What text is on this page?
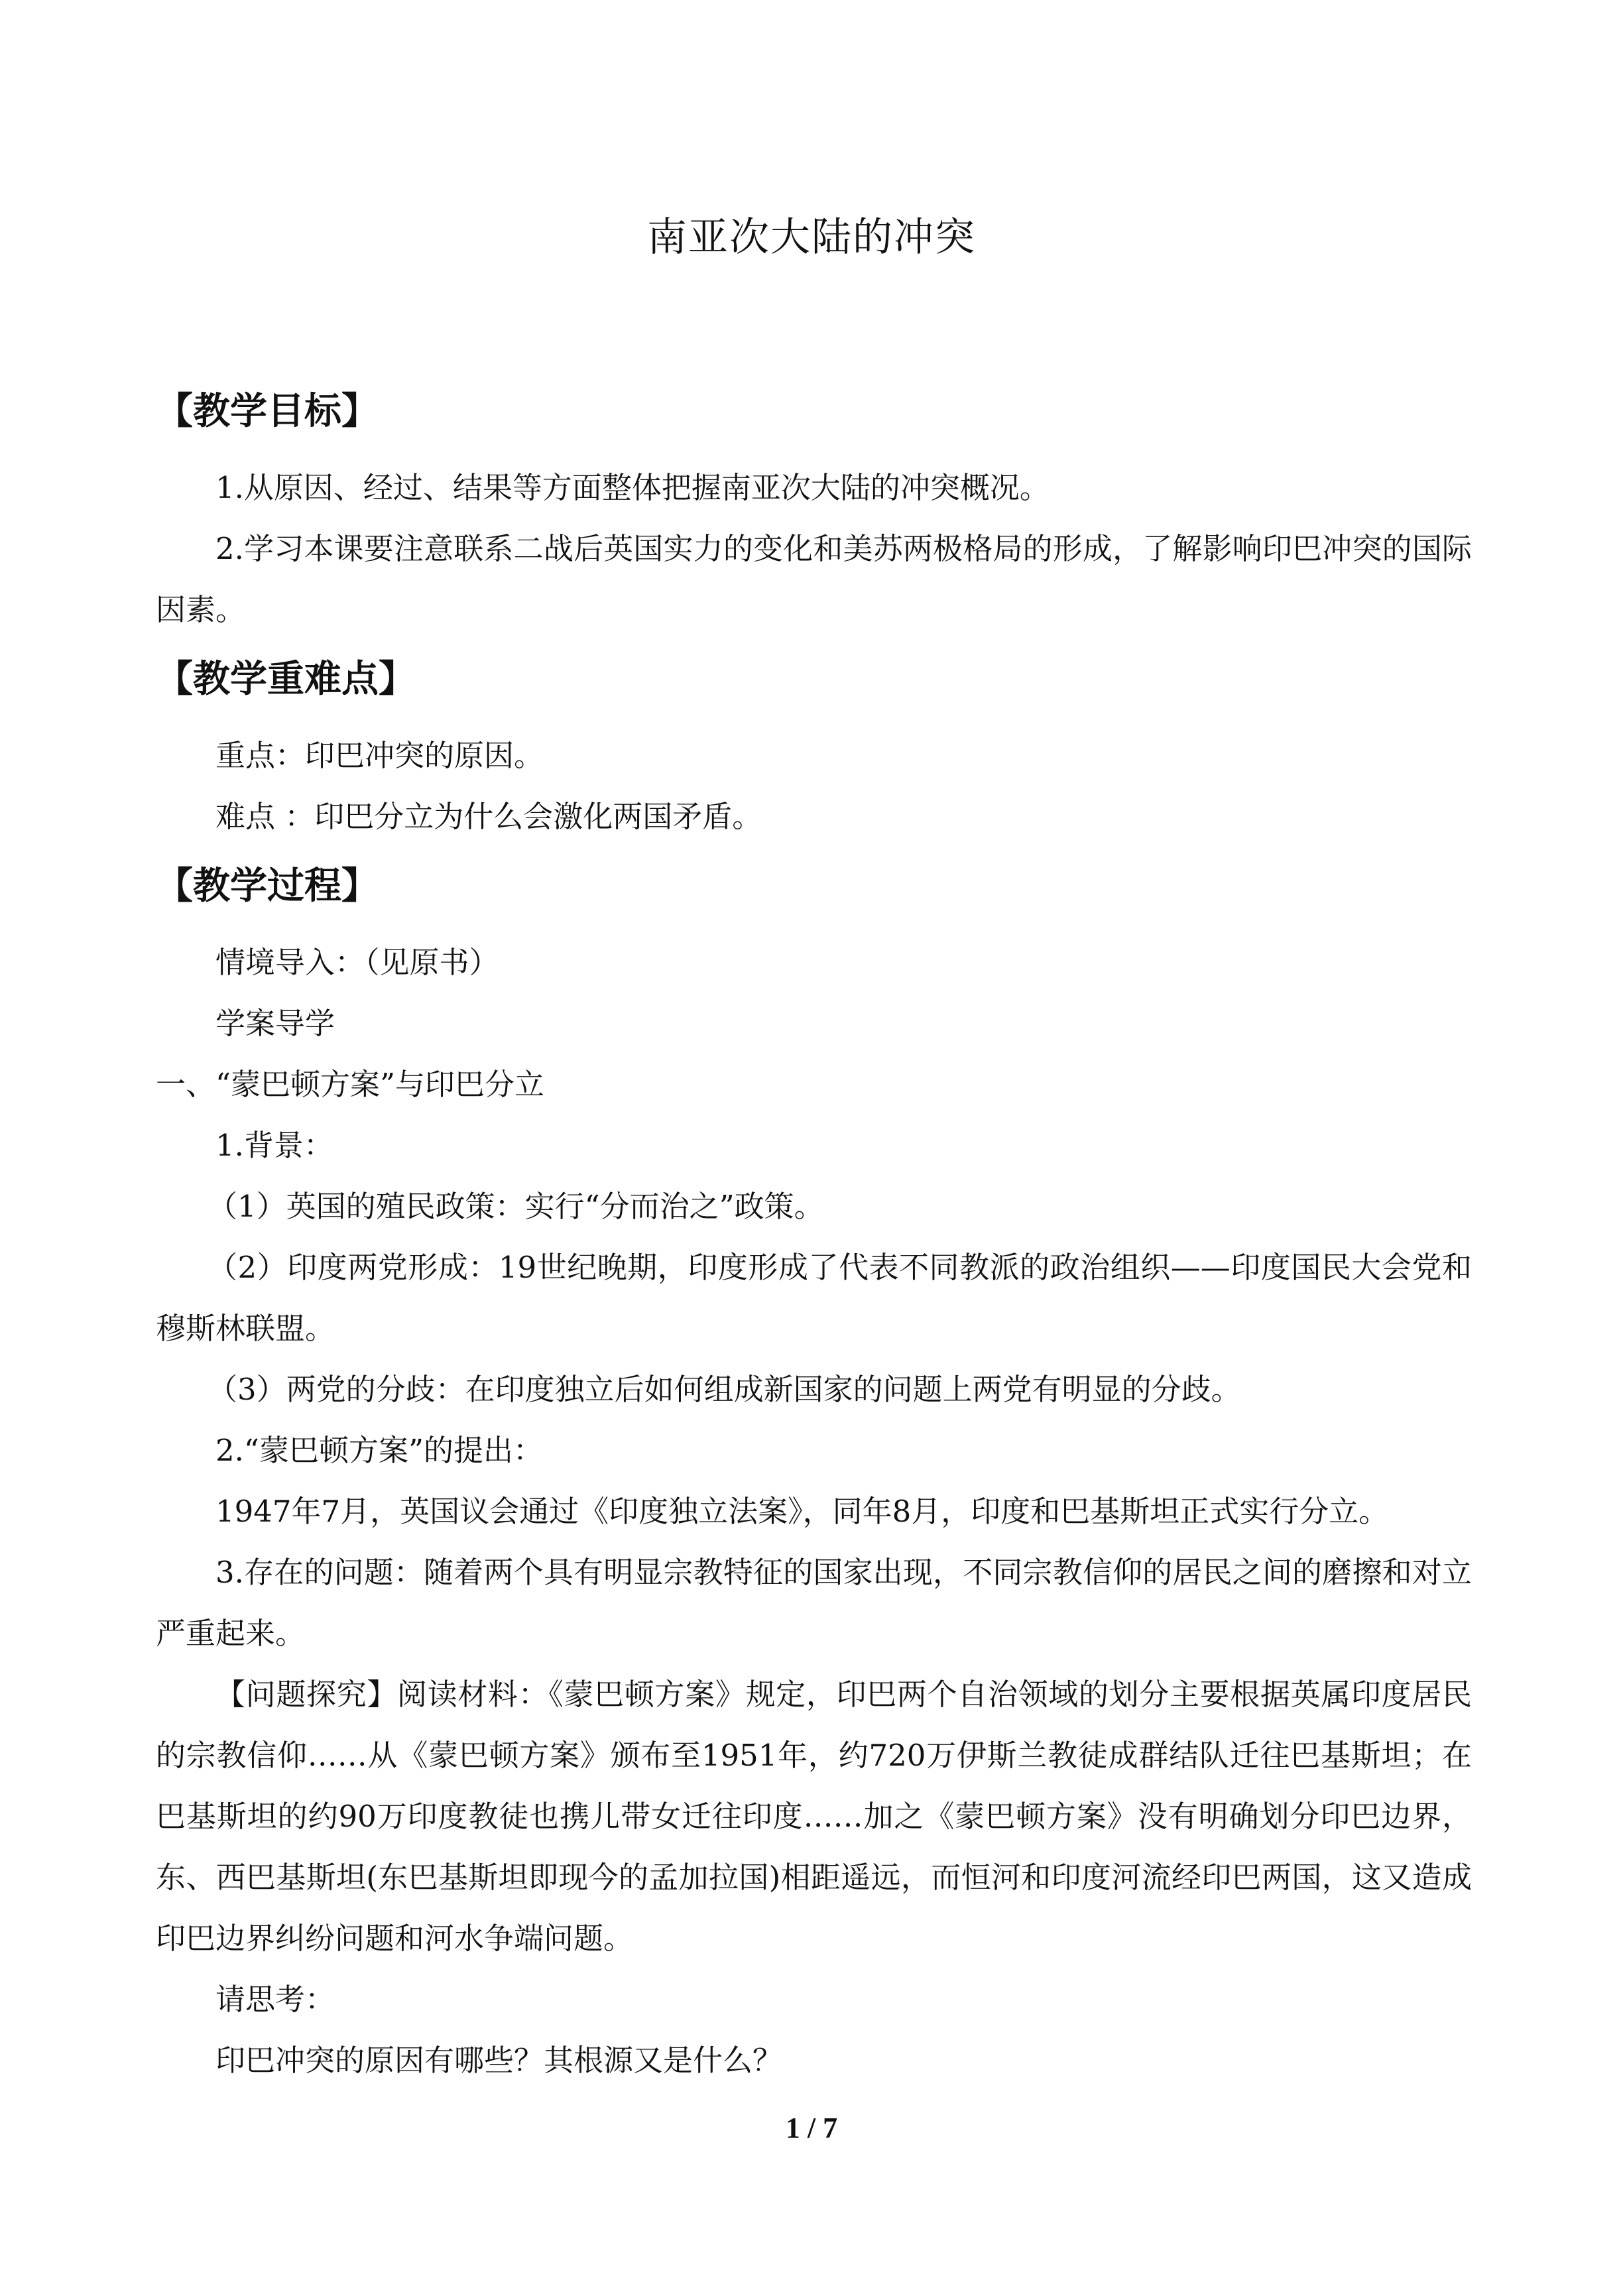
南亚次大陆的冲突
【教学目标】

1.从原因、经过、结果等方面整体把握南亚次大陆的冲突概况。

2.学习本课要注意联系二战后英国实力的变化和美苏两极格局的形成，了解影响印巴冲突的国际因素。

【教学重难点】

重点：印巴冲突的原因。

难点 ：印巴分立为什么会激化两国矛盾。

【教学过程】

情境导入：（见原书）

学案导学

一、“蒙巴顿方案”与印巴分立

1.背景：

（1）英国的殖民政策：实行“分而治之”政策。

（2）印度两党形成：19世纪晚期，印度形成了代表不同教派的政治组织——印度国民大会党和穆斯林联盟。

（3）两党的分歧：在印度独立后如何组成新国家的问题上两党有明显的分歧。

2.“蒙巴顿方案”的提出：

1947年7月，英国议会通过《印度独立法案》，同年8月，印度和巴基斯坦正式实行分立。

3.存在的问题：随着两个具有明显宗教特征的国家出现，不同宗教信仰的居民之间的磨擦和对立严重起来。

【问题探究】阅读材料：《蒙巴顿方案》规定，印巴两个自治领域的划分主要根据英属印度居民的宗教信仰……从《蒙巴顿方案》颁布至1951年，约720万伊斯兰教徒成群结队迁往巴基斯坦；在巴基斯坦的约90万印度教徒也携儿带女迁往印度……加之《蒙巴顿方案》没有明确划分印巴边界，东、西巴基斯坦(东巴基斯坦即现今的孟加拉国)相距遥远，而恒河和印度河流经印巴两国，这又造成印巴边界纠纷问题和河水争端问题。

请思考：

印巴冲突的原因有哪些？其根源又是什么？

1 / 7
